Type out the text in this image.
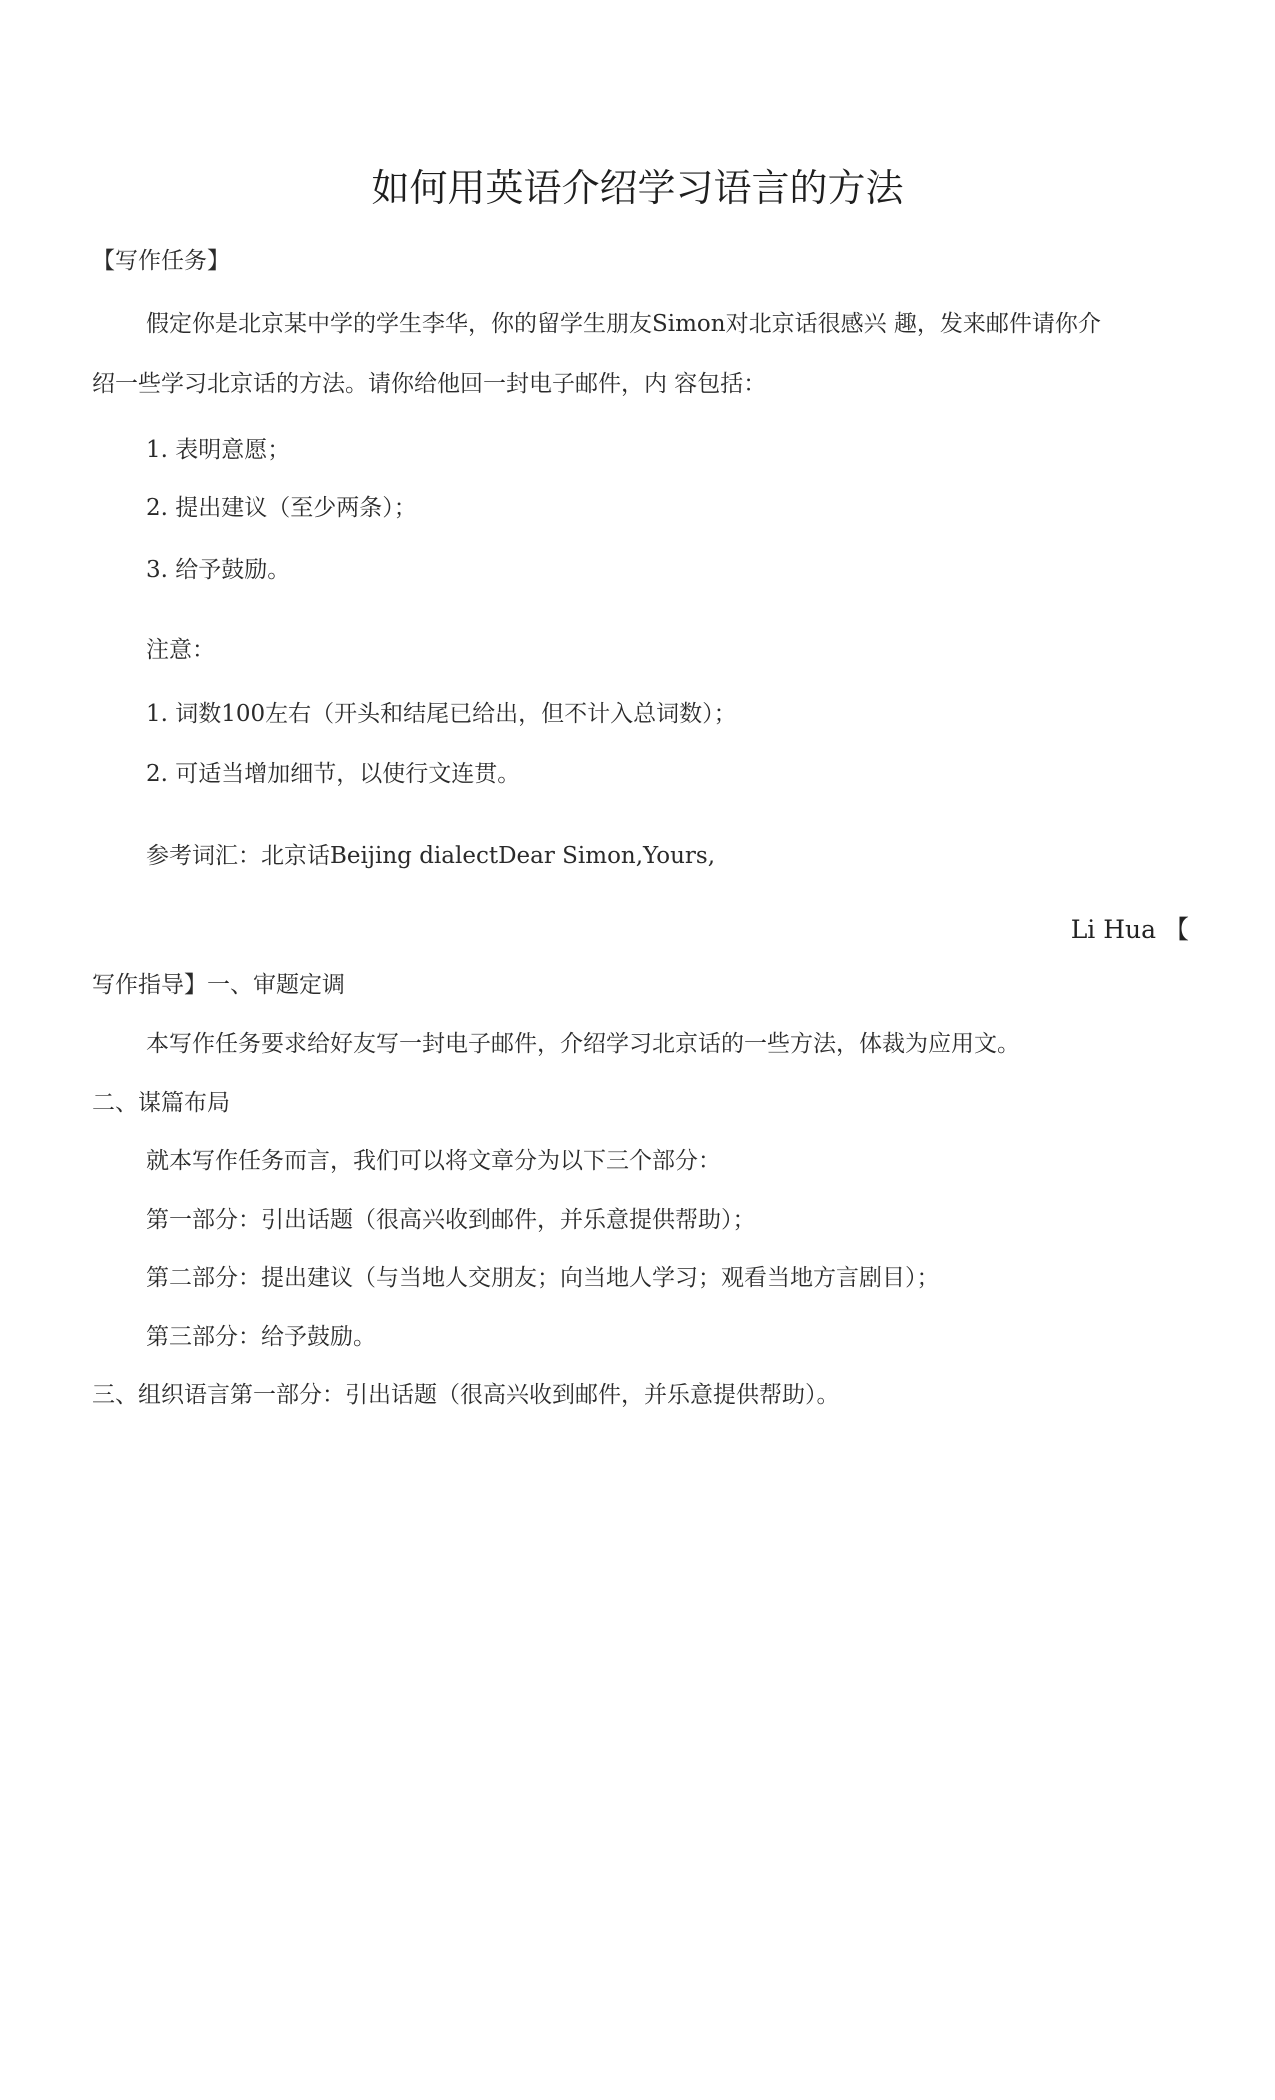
如何用英语介绍学习语言的方法
【写作任务】
假定你是北京某中学的学生李华，你的留学生朋友Simon对北京话很感兴 趣，发来邮件请你介
绍一些学习北京话的方法。请你给他回一封电子邮件，内 容包括：
1. 表明意愿；
2. 提出建议（至少两条）；
3. 给予鼓励。
注意：
1. 词数100左右（开头和结尾已给出，但不计入总词数）；
2. 可适当增加细节，以使行文连贯。
参考词汇：北京话Beijing dialectDear Simon,Yours,
Li Hua 【
写作指导】一、审题定调
本写作任务要求给好友写一封电子邮件，介绍学习北京话的一些方法，体裁为应用文。
二、谋篇布局
就本写作任务而言，我们可以将文章分为以下三个部分：
第一部分：引出话题（很高兴收到邮件，并乐意提供帮助）；
第二部分：提出建议（与当地人交朋友；向当地人学习；观看当地方言剧目）；
第三部分：给予鼓励。
三、组织语言第一部分：引出话题（很高兴收到邮件，并乐意提供帮助）。
